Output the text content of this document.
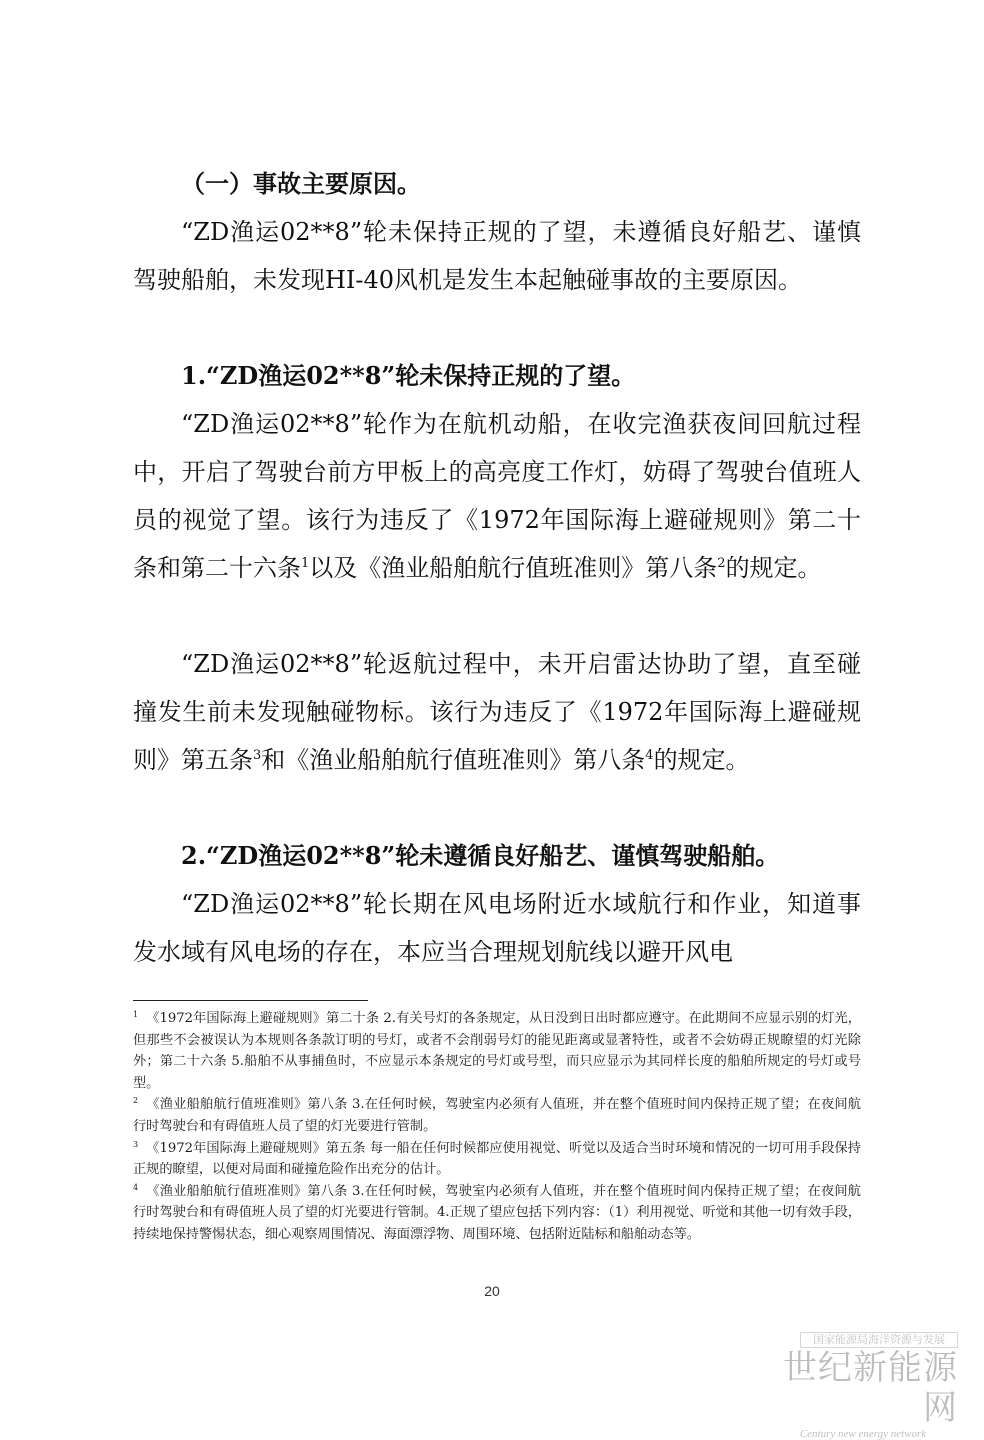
（一）事故主要原因。

“ZD渔运02**8”轮未保持正规的了望，未遵循良好船艺、谨慎驾驶船舶，未发现HI-40风机是发生本起触碰事故的主要原因。

1.“ZD渔运02**8”轮未保持正规的了望。

“ZD渔运02**8”轮作为在航机动船，在收完渔获夜间回航过程中，开启了驾驶台前方甲板上的高亮度工作灯，妨碍了驾驶台值班人员的视觉了望。该行为违反了《1972年国际海上避碰规则》第二十条和第二十六条$^1$以及《渔业船舶航行值班准则》第八条$^2$的规定。

“ZD渔运02**8”轮返航过程中，未开启雷达协助了望，直至碰撞发生前未发现触碰物标。该行为违反了《1972年国际海上避碰规则》第五条$^3$和《渔业船舶航行值班准则》第八条$^4$的规定。

2.“ZD渔运02**8”轮未遵循良好船艺、谨慎驾驶船舶。

“ZD渔运02**8”轮长期在风电场附近水域航行和作业，知道事发水域有风电场的存在，本应当合理规划航线以避开风电

$^1$ 《1972年国际海上避碰规则》第二十条 2.有关号灯的各条规定，从日没到日出时都应遵守。在此期间不应显示别的灯光，但那些不会被误认为本规则各条款订明的号灯，或者不会削弱号灯的能见距离或显著特性，或者不会妨碍正规瞭望的灯光除外；第二十六条 5.船舶不从事捕鱼时，不应显示本条规定的号灯或号型，而只应显示为其同样长度的船舶所规定的号灯或号型。

$^2$ 《渔业船舶航行值班准则》第八条 3.在任何时候，驾驶室内必须有人值班，并在整个值班时间内保持正规了望；在夜间航行时驾驶台和有碍值班人员了望的灯光要进行管制。

$^3$ 《1972年国际海上避碰规则》第五条 每一船在任何时候都应使用视觉、听觉以及适合当时环境和情况的一切可用手段保持正规的瞭望，以便对局面和碰撞危险作出充分的估计。

$^4$ 《渔业船舶航行值班准则》第八条 3.在任何时候，驾驶室内必须有人值班，并在整个值班时间内保持正规了望；在夜间航行时驾驶台和有碍值班人员了望的灯光要进行管制。4.正规了望应包括下列内容：（1）利用视觉、听觉和其他一切有效手段，持续地保持警惕状态，细心观察周围情况、海面漂浮物、周围环境、包括附近陆标和船舶动态等。

20
国家能源局海洋资源与发展
世纪新能源网
Century new energy network
